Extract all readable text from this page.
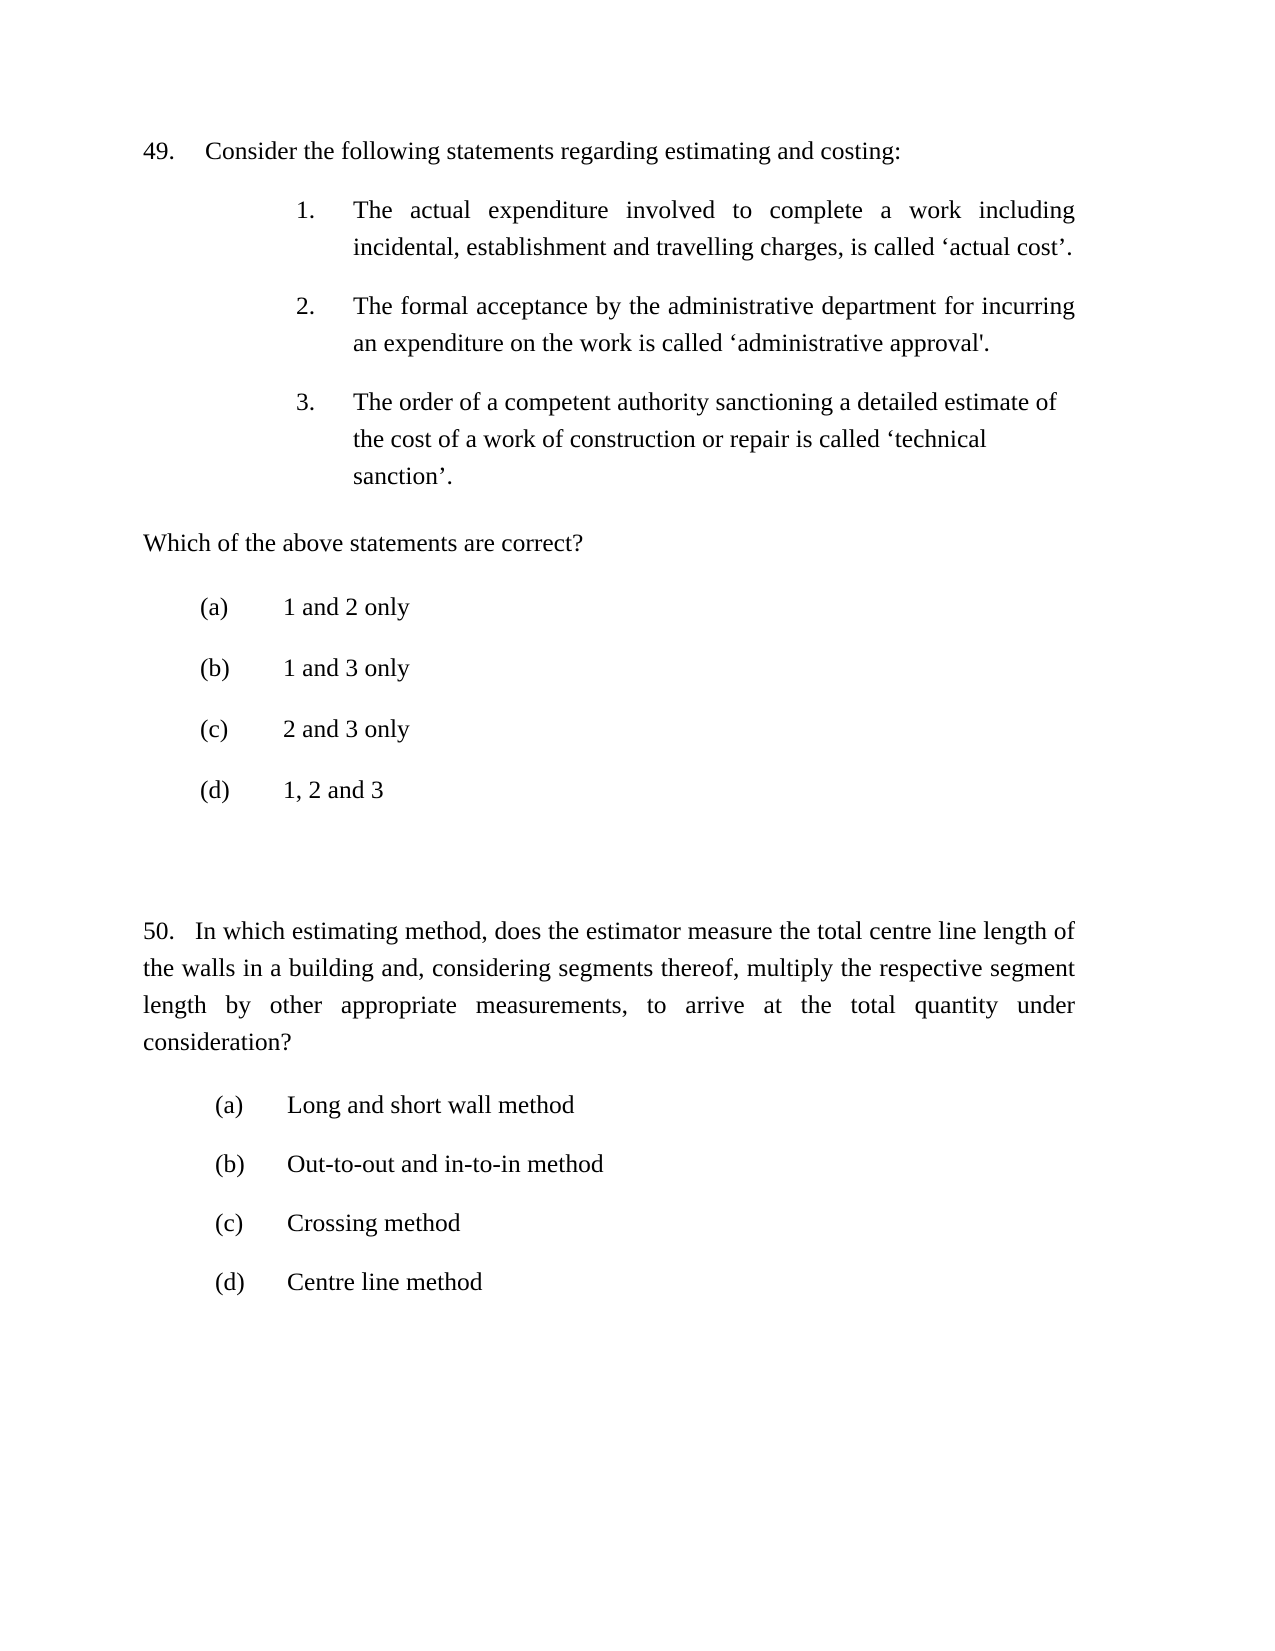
49.	Consider the following statements regarding estimating and costing:
1.	The actual expenditure involved to complete a work including incidental, establishment and travelling charges, is called ‘actual cost’.
2.	The formal acceptance by the administrative department for incurring an expenditure on the work is called ‘administrative approval'.
3.	The order of a competent authority sanctioning a detailed estimate of the cost of a work of construction or repair is called ‘technical sanction’.
Which of the above statements are correct?
(a)	1 and 2 only
(b)	1 and 3 only
(c)	2 and 3 only
(d)	1, 2 and 3

50. In which estimating method, does the estimator measure the total centre line length of the walls in a building and, considering segments thereof, multiply the respective segment length by other appropriate measurements, to arrive at the total quantity under consideration?

(a)	Long and short wall method
(b)	Out-to-out and in-to-in method
(c)	Crossing method
(d)	Centre line method
